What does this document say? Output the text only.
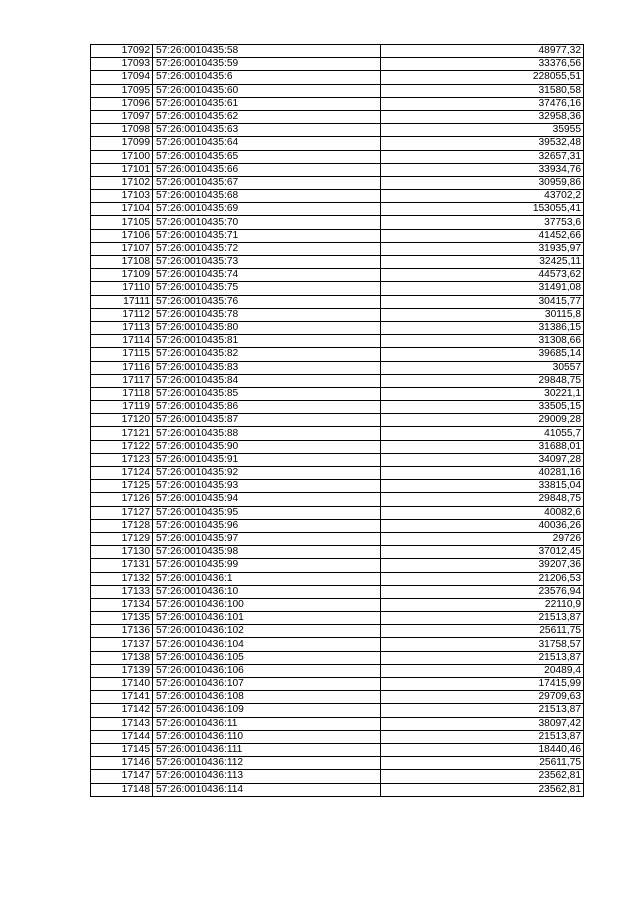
17092	57:26:0010435:58	48977,32
17093	57:26:0010435:59	33376,56
17094	57:26:0010435:6	228055,51
17095	57:26:0010435:60	31580,58
17096	57:26:0010435:61	37476,16
17097	57:26:0010435:62	32958,36
17098	57:26:0010435:63	35955
17099	57:26:0010435:64	39532,48
17100	57:26:0010435:65	32657,31
17101	57:26:0010435:66	33934,76
17102	57:26:0010435:67	30959,86
17103	57:26:0010435:68	43702,2
17104	57:26:0010435:69	153055,41
17105	57:26:0010435:70	37753,6
17106	57:26:0010435:71	41452,66
17107	57:26:0010435:72	31935,97
17108	57:26:0010435:73	32425,11
17109	57:26:0010435:74	44573,62
17110	57:26:0010435:75	31491,08
17111	57:26:0010435:76	30415,77
17112	57:26:0010435:78	30115,8
17113	57:26:0010435:80	31386,15
17114	57:26:0010435:81	31308,66
17115	57:26:0010435:82	39685,14
17116	57:26:0010435:83	30557
17117	57:26:0010435:84	29848,75
17118	57:26:0010435:85	30221,1
17119	57:26:0010435:86	33505,15
17120	57:26:0010435:87	29009,28
17121	57:26:0010435:88	41055,7
17122	57:26:0010435:90	31688,01
17123	57:26:0010435:91	34097,28
17124	57:26:0010435:92	40281,16
17125	57:26:0010435:93	33815,04
17126	57:26:0010435:94	29848,75
17127	57:26:0010435:95	40082,6
17128	57:26:0010435:96	40036,26
17129	57:26:0010435:97	29726
17130	57:26:0010435:98	37012,45
17131	57:26:0010435:99	39207,36
17132	57:26:0010436:1	21206,53
17133	57:26:0010436:10	23576,94
17134	57:26:0010436:100	22110,9
17135	57:26:0010436:101	21513,87
17136	57:26:0010436:102	25611,75
17137	57:26:0010436:104	31758,57
17138	57:26:0010436:105	21513,87
17139	57:26:0010436:106	20489,4
17140	57:26:0010436:107	17415,99
17141	57:26:0010436:108	29709,63
17142	57:26:0010436:109	21513,87
17143	57:26:0010436:11	38097,42
17144	57:26:0010436:110	21513,87
17145	57:26:0010436:111	18440,46
17146	57:26:0010436:112	25611,75
17147	57:26:0010436:113	23562,81
17148	57:26:0010436:114	23562,81
